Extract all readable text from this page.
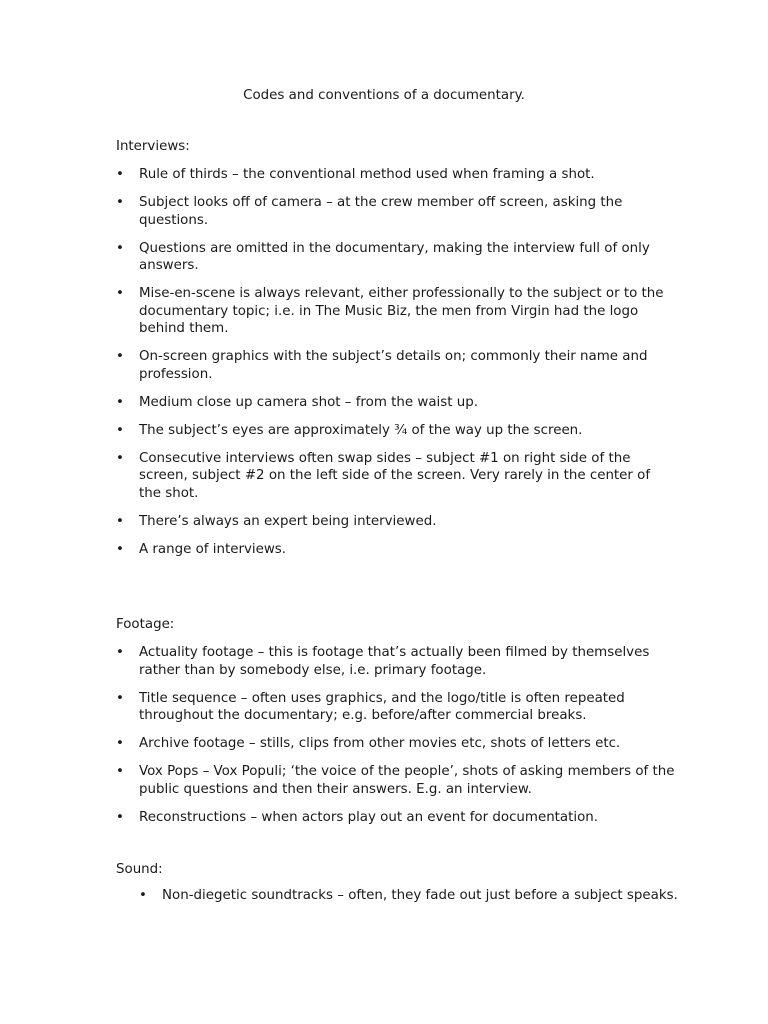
Codes and conventions of a documentary.
Interviews:
• Rule of thirds – the conventional method used when framing a shot.
• Subject looks off of camera – at the crew member off screen, asking the questions.
• Questions are omitted in the documentary, making the interview full of only answers.
• Mise-en-scene is always relevant, either professionally to the subject or to the documentary topic; i.e. in The Music Biz, the men from Virgin had the logo behind them.
• On-screen graphics with the subject’s details on; commonly their name and profession.
• Medium close up camera shot – from the waist up.
• The subject’s eyes are approximately ¾ of the way up the screen.
• Consecutive interviews often swap sides – subject #1 on right side of the screen, subject #2 on the left side of the screen. Very rarely in the center of the shot.
• There’s always an expert being interviewed.
• A range of interviews.
Footage:
• Actuality footage – this is footage that’s actually been filmed by themselves rather than by somebody else, i.e. primary footage.
• Title sequence – often uses graphics, and the logo/title is often repeated throughout the documentary; e.g. before/after commercial breaks.
• Archive footage – stills, clips from other movies etc, shots of letters etc.
• Vox Pops – Vox Populi; ‘the voice of the people’, shots of asking members of the public questions and then their answers. E.g. an interview.
• Reconstructions – when actors play out an event for documentation.
Sound:
• Non-diegetic soundtracks – often, they fade out just before a subject speaks.
